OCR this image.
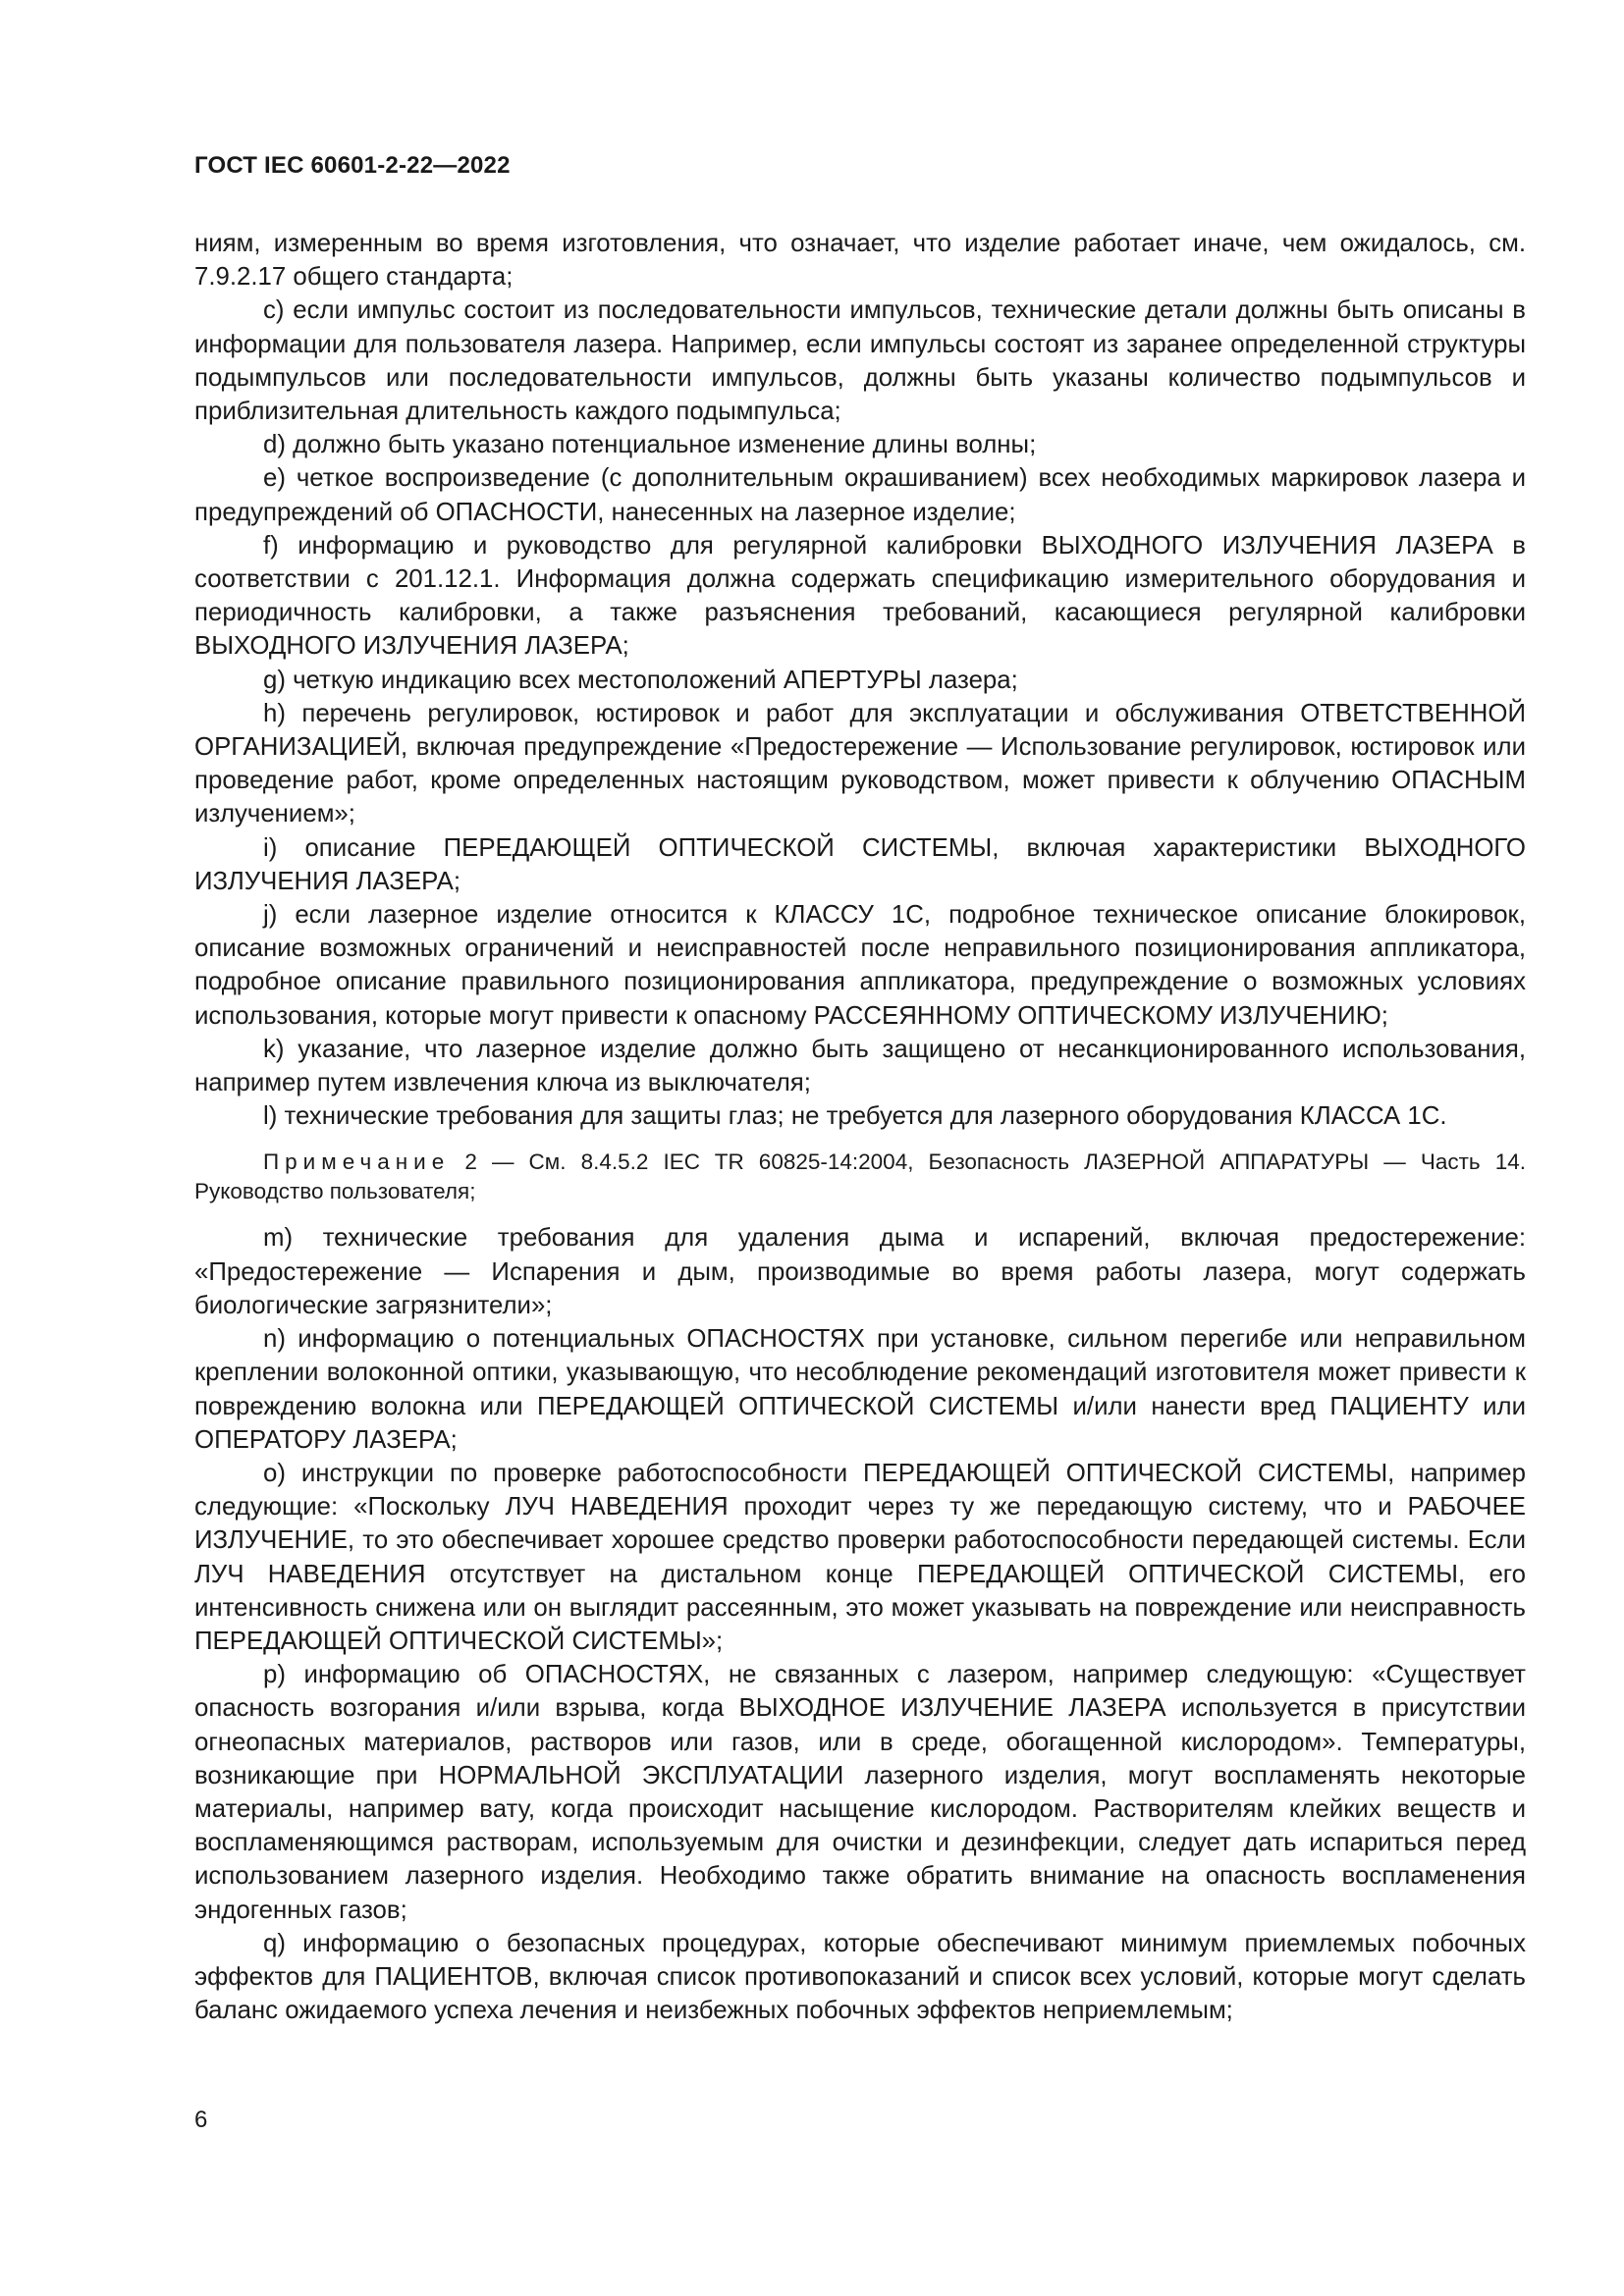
ГОСТ IEC 60601-2-22—2022

ниям, измеренным во время изготовления, что означает, что изделие работает иначе, чем ожидалось, см. 7.9.2.17 общего стандарта;

c) если импульс состоит из последовательности импульсов, технические детали должны быть описаны в информации для пользователя лазера. Например, если импульсы состоят из заранее определенной структуры подымпульсов или последовательности импульсов, должны быть указаны количество подымпульсов и приблизительная длительность каждого подымпульса;

d) должно быть указано потенциальное изменение длины волны;

e) четкое воспроизведение (с дополнительным окрашиванием) всех необходимых маркировок лазера и предупреждений об ОПАСНОСТИ, нанесенных на лазерное изделие;

f) информацию и руководство для регулярной калибровки ВЫХОДНОГО ИЗЛУЧЕНИЯ ЛАЗЕРА в соответствии с 201.12.1. Информация должна содержать спецификацию измерительного оборудования и периодичность калибровки, а также разъяснения требований, касающиеся регулярной калибровки ВЫХОДНОГО ИЗЛУЧЕНИЯ ЛАЗЕРА;

g) четкую индикацию всех местоположений АПЕРТУРЫ лазера;

h) перечень регулировок, юстировок и работ для эксплуатации и обслуживания ОТВЕТСТВЕННОЙ ОРГАНИЗАЦИЕЙ, включая предупреждение «Предостережение — Использование регулировок, юстировок или проведение работ, кроме определенных настоящим руководством, может привести к облучению ОПАСНЫМ излучением»;

i) описание ПЕРЕДАЮЩЕЙ ОПТИЧЕСКОЙ СИСТЕМЫ, включая характеристики ВЫХОДНОГО ИЗЛУЧЕНИЯ ЛАЗЕРА;

j) если лазерное изделие относится к КЛАССУ 1С, подробное техническое описание блокировок, описание возможных ограничений и неисправностей после неправильного позиционирования аппликатора, подробное описание правильного позиционирования аппликатора, предупреждение о возможных условиях использования, которые могут привести к опасному РАССЕЯННОМУ ОПТИЧЕСКОМУ ИЗЛУЧЕНИЮ;

k) указание, что лазерное изделие должно быть защищено от несанкционированного использования, например путем извлечения ключа из выключателя;

l) технические требования для защиты глаз; не требуется для лазерного оборудования КЛАССА 1С.

Примечание 2 — См. 8.4.5.2 IEC TR 60825-14:2004, Безопасность ЛАЗЕРНОЙ АППАРАТУРЫ — Часть 14. Руководство пользователя;

m) технические требования для удаления дыма и испарений, включая предостережение: «Предостережение — Испарения и дым, производимые во время работы лазера, могут содержать биологические загрязнители»;

n) информацию о потенциальных ОПАСНОСТЯХ при установке, сильном перегибе или неправильном креплении волоконной оптики, указывающую, что несоблюдение рекомендаций изготовителя может привести к повреждению волокна или ПЕРЕДАЮЩЕЙ ОПТИЧЕСКОЙ СИСТЕМЫ и/или нанести вред ПАЦИЕНТУ или ОПЕРАТОРУ ЛАЗЕРА;

o) инструкции по проверке работоспособности ПЕРЕДАЮЩЕЙ ОПТИЧЕСКОЙ СИСТЕМЫ, например следующие: «Поскольку ЛУЧ НАВЕДЕНИЯ проходит через ту же передающую систему, что и РАБОЧЕЕ ИЗЛУЧЕНИЕ, то это обеспечивает хорошее средство проверки работоспособности передающей системы. Если ЛУЧ НАВЕДЕНИЯ отсутствует на дистальном конце ПЕРЕДАЮЩЕЙ ОПТИЧЕСКОЙ СИСТЕМЫ, его интенсивность снижена или он выглядит рассеянным, это может указывать на повреждение или неисправность ПЕРЕДАЮЩЕЙ ОПТИЧЕСКОЙ СИСТЕМЫ»;

p) информацию об ОПАСНОСТЯХ, не связанных с лазером, например следующую: «Существует опасность возгорания и/или взрыва, когда ВЫХОДНОЕ ИЗЛУЧЕНИЕ ЛАЗЕРА используется в присутствии огнеопасных материалов, растворов или газов, или в среде, обогащенной кислородом». Температуры, возникающие при НОРМАЛЬНОЙ ЭКСПЛУАТАЦИИ лазерного изделия, могут воспламенять некоторые материалы, например вату, когда происходит насыщение кислородом. Растворителям клейких веществ и воспламеняющимся растворам, используемым для очистки и дезинфекции, следует дать испариться перед использованием лазерного изделия. Необходимо также обратить внимание на опасность воспламенения эндогенных газов;

q) информацию о безопасных процедурах, которые обеспечивают минимум приемлемых побочных эффектов для ПАЦИЕНТОВ, включая список противопоказаний и список всех условий, которые могут сделать баланс ожидаемого успеха лечения и неизбежных побочных эффектов неприемлемым;

6
